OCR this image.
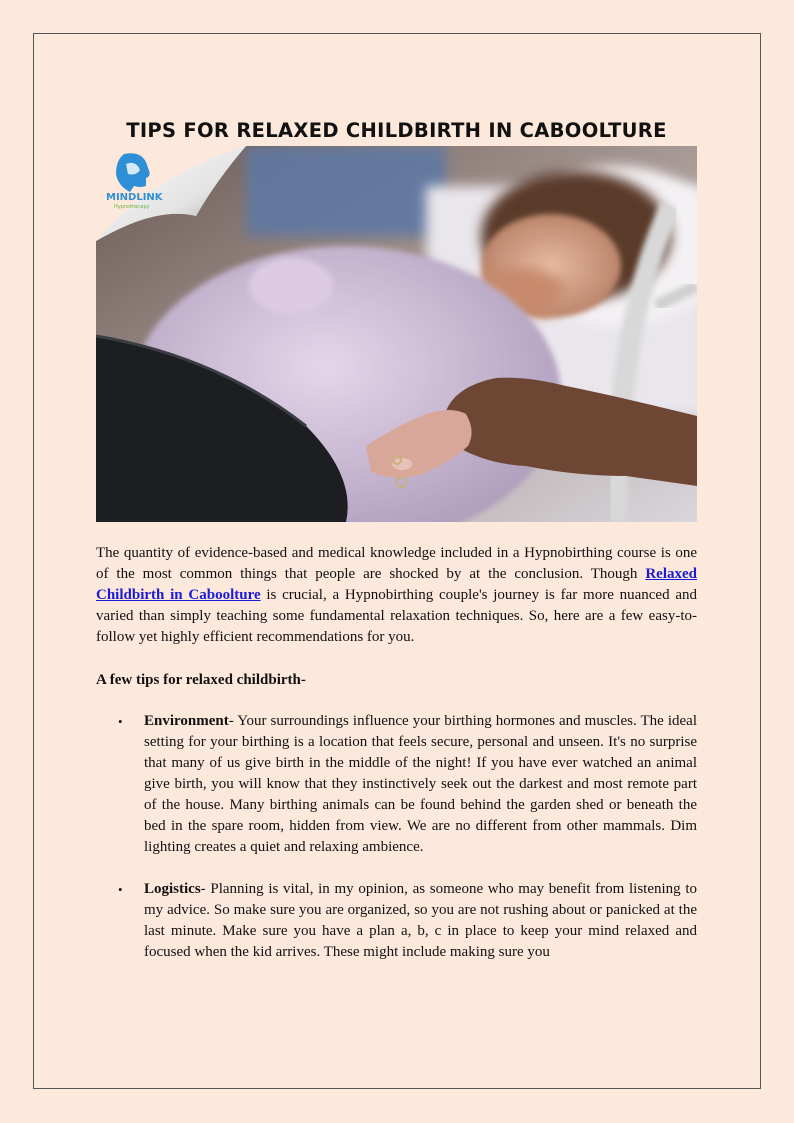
TIPS FOR RELAXED CHILDBIRTH IN CABOOLTURE
MINDLINK
Hypnotherapy

The quantity of evidence-based and medical knowledge included in a Hypnobirthing course is one of the most common things that people are shocked by at the conclusion. Though Relaxed Childbirth in Caboolture is crucial, a Hypnobirthing couple's journey is far more nuanced and varied than simply teaching some fundamental relaxation techniques. So, here are a few easy-to-follow yet highly efficient recommendations for you.

A few tips for relaxed childbirth-

• Environment- Your surroundings influence your birthing hormones and muscles. The ideal setting for your birthing is a location that feels secure, personal and unseen. It's no surprise that many of us give birth in the middle of the night! If you have ever watched an animal give birth, you will know that they instinctively seek out the darkest and most remote part of the house. Many birthing animals can be found behind the garden shed or beneath the bed in the spare room, hidden from view. We are no different from other mammals. Dim lighting creates a quiet and relaxing ambience.
• Logistics- Planning is vital, in my opinion, as someone who may benefit from listening to my advice. So make sure you are organized, so you are not rushing about or panicked at the last minute. Make sure you have a plan a, b, c in place to keep your mind relaxed and focused when the kid arrives. These might include making sure you
